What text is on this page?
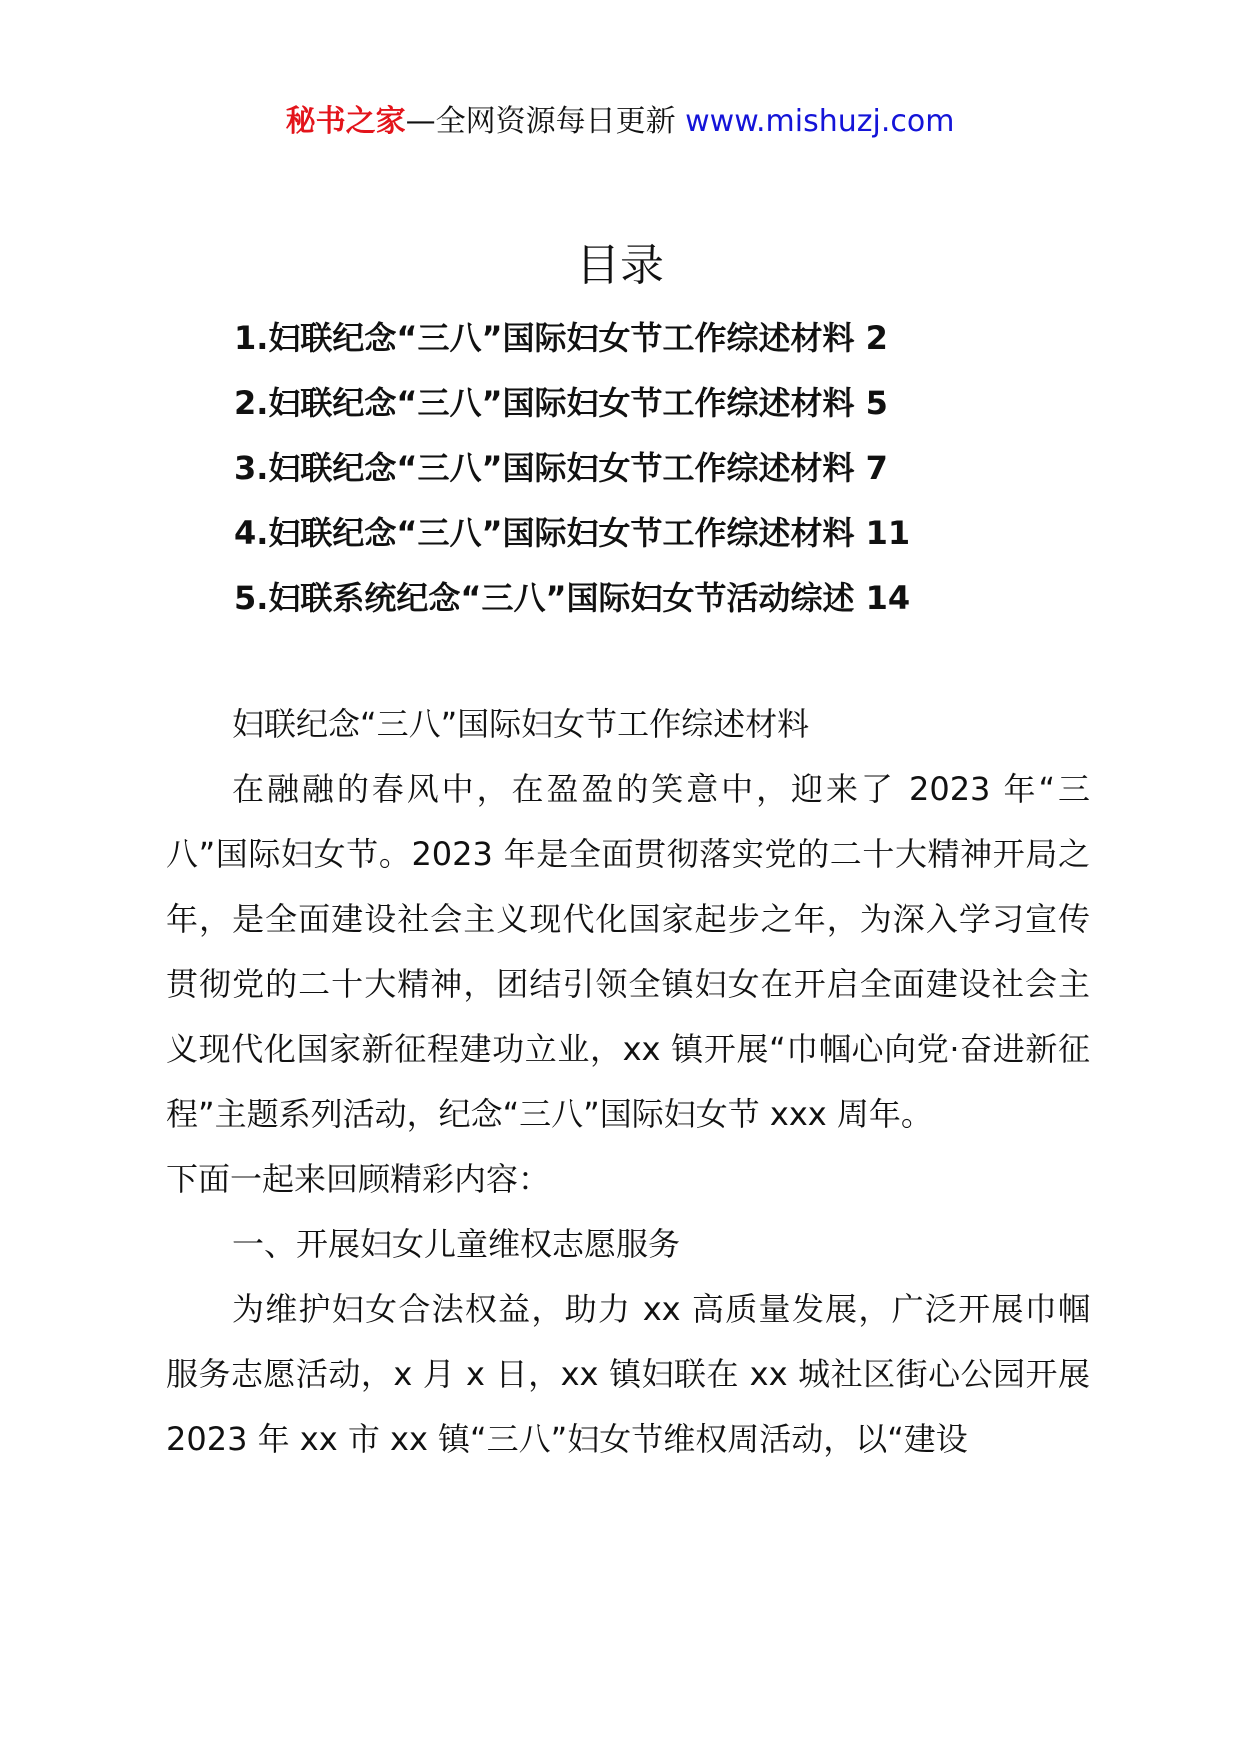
秘书之家—全网资源每日更新 www.mishuzj.com
目录
1.妇联纪念“三八”国际妇女节工作综述材料 2
2.妇联纪念“三八”国际妇女节工作综述材料 5
3.妇联纪念“三八”国际妇女节工作综述材料 7
4.妇联纪念“三八”国际妇女节工作综述材料 11
5.妇联系统纪念“三八”国际妇女节活动综述 14

妇联纪念“三八”国际妇女节工作综述材料

在融融的春风中，在盈盈的笑意中，迎来了 2023 年“三八”国际妇女节。2023 年是全面贯彻落实党的二十大精神开局之年，是全面建设社会主义现代化国家起步之年，为深入学习宣传贯彻党的二十大精神，团结引领全镇妇女在开启全面建设社会主义现代化国家新征程建功立业，xx 镇开展“巾帼心向党·奋进新征程”主题系列活动，纪念“三八”国际妇女节 xxx 周年。

下面一起来回顾精彩内容：

一、开展妇女儿童维权志愿服务

为维护妇女合法权益，助力 xx 高质量发展，广泛开展巾帼服务志愿活动，x 月 x 日，xx 镇妇联在 xx 城社区街心公园开展 2023 年 xx 市 xx 镇“三八”妇女节维权周活动，以“建设
